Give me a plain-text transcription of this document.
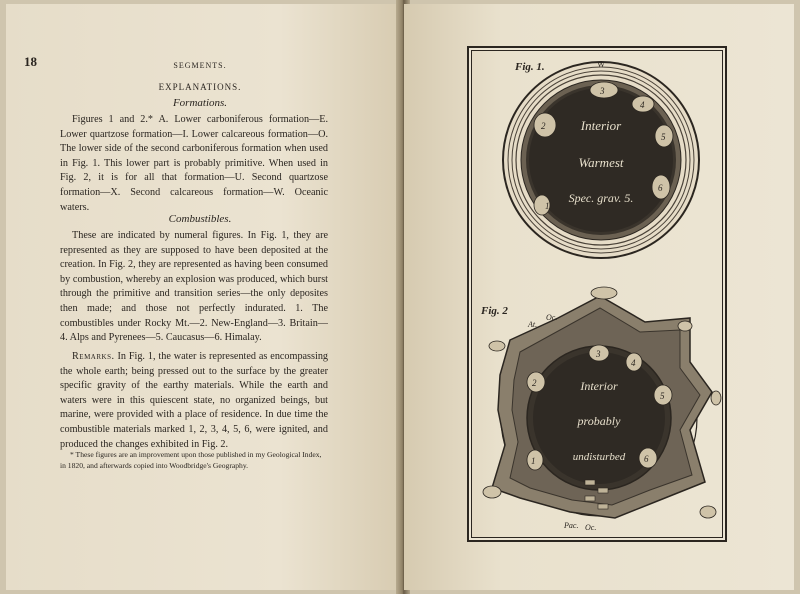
18	SEGMENTS.
EXPLANATIONS.
Formations.
Figures 1 and 2.* A. Lower carboniferous formation—E. Lower quartzose formation—I. Lower calcareous formation—O. The lower side of the second carboniferous formation when used in Fig. 1. This lower part is probably primitive. When used in Fig. 2, it is for all that formation—U. Second quartzose formation—X. Second calcareous formation—W. Oceanic waters.
Combustibles.
These are indicated by numeral figures. In Fig. 1, they are represented as they are supposed to have been deposited at the creation. In Fig. 2, they are represented as having been consumed by combustion, whereby an explosion was produced, which burst through the primitive and transition series—the only deposites then made; and those not perfectly indurated. 1. The combustibles under Rocky Mt.—2. New-England—3. Britain—4. Alps and Pyrenees—5. Caucasus—6. Himalay.
Remarks. In Fig. 1, the water is represented as encompassing the whole earth; being pressed out to the surface by the greater specific gravity of the earthy materials. While the earth and waters were in this quiescent state, no organized beings, but marine, were provided with a place of residence. In due time the combustible materials marked 1, 2, 3, 4, 5, 6, were ignited, and produced the changes exhibited in Fig. 2.
* These figures are an improvement upon those published in my Geological Index, in 1820, and afterwards copied into Woodbridge's Geography.
Fig. 1.
Fig. 2
W
Interior
Warmest
Spec. grav. 5.
1
2
3
4
5
6
At.
Oc.
Pac. Oc.
Interior
probably
undisturbed
1
2
3
4
5
6
